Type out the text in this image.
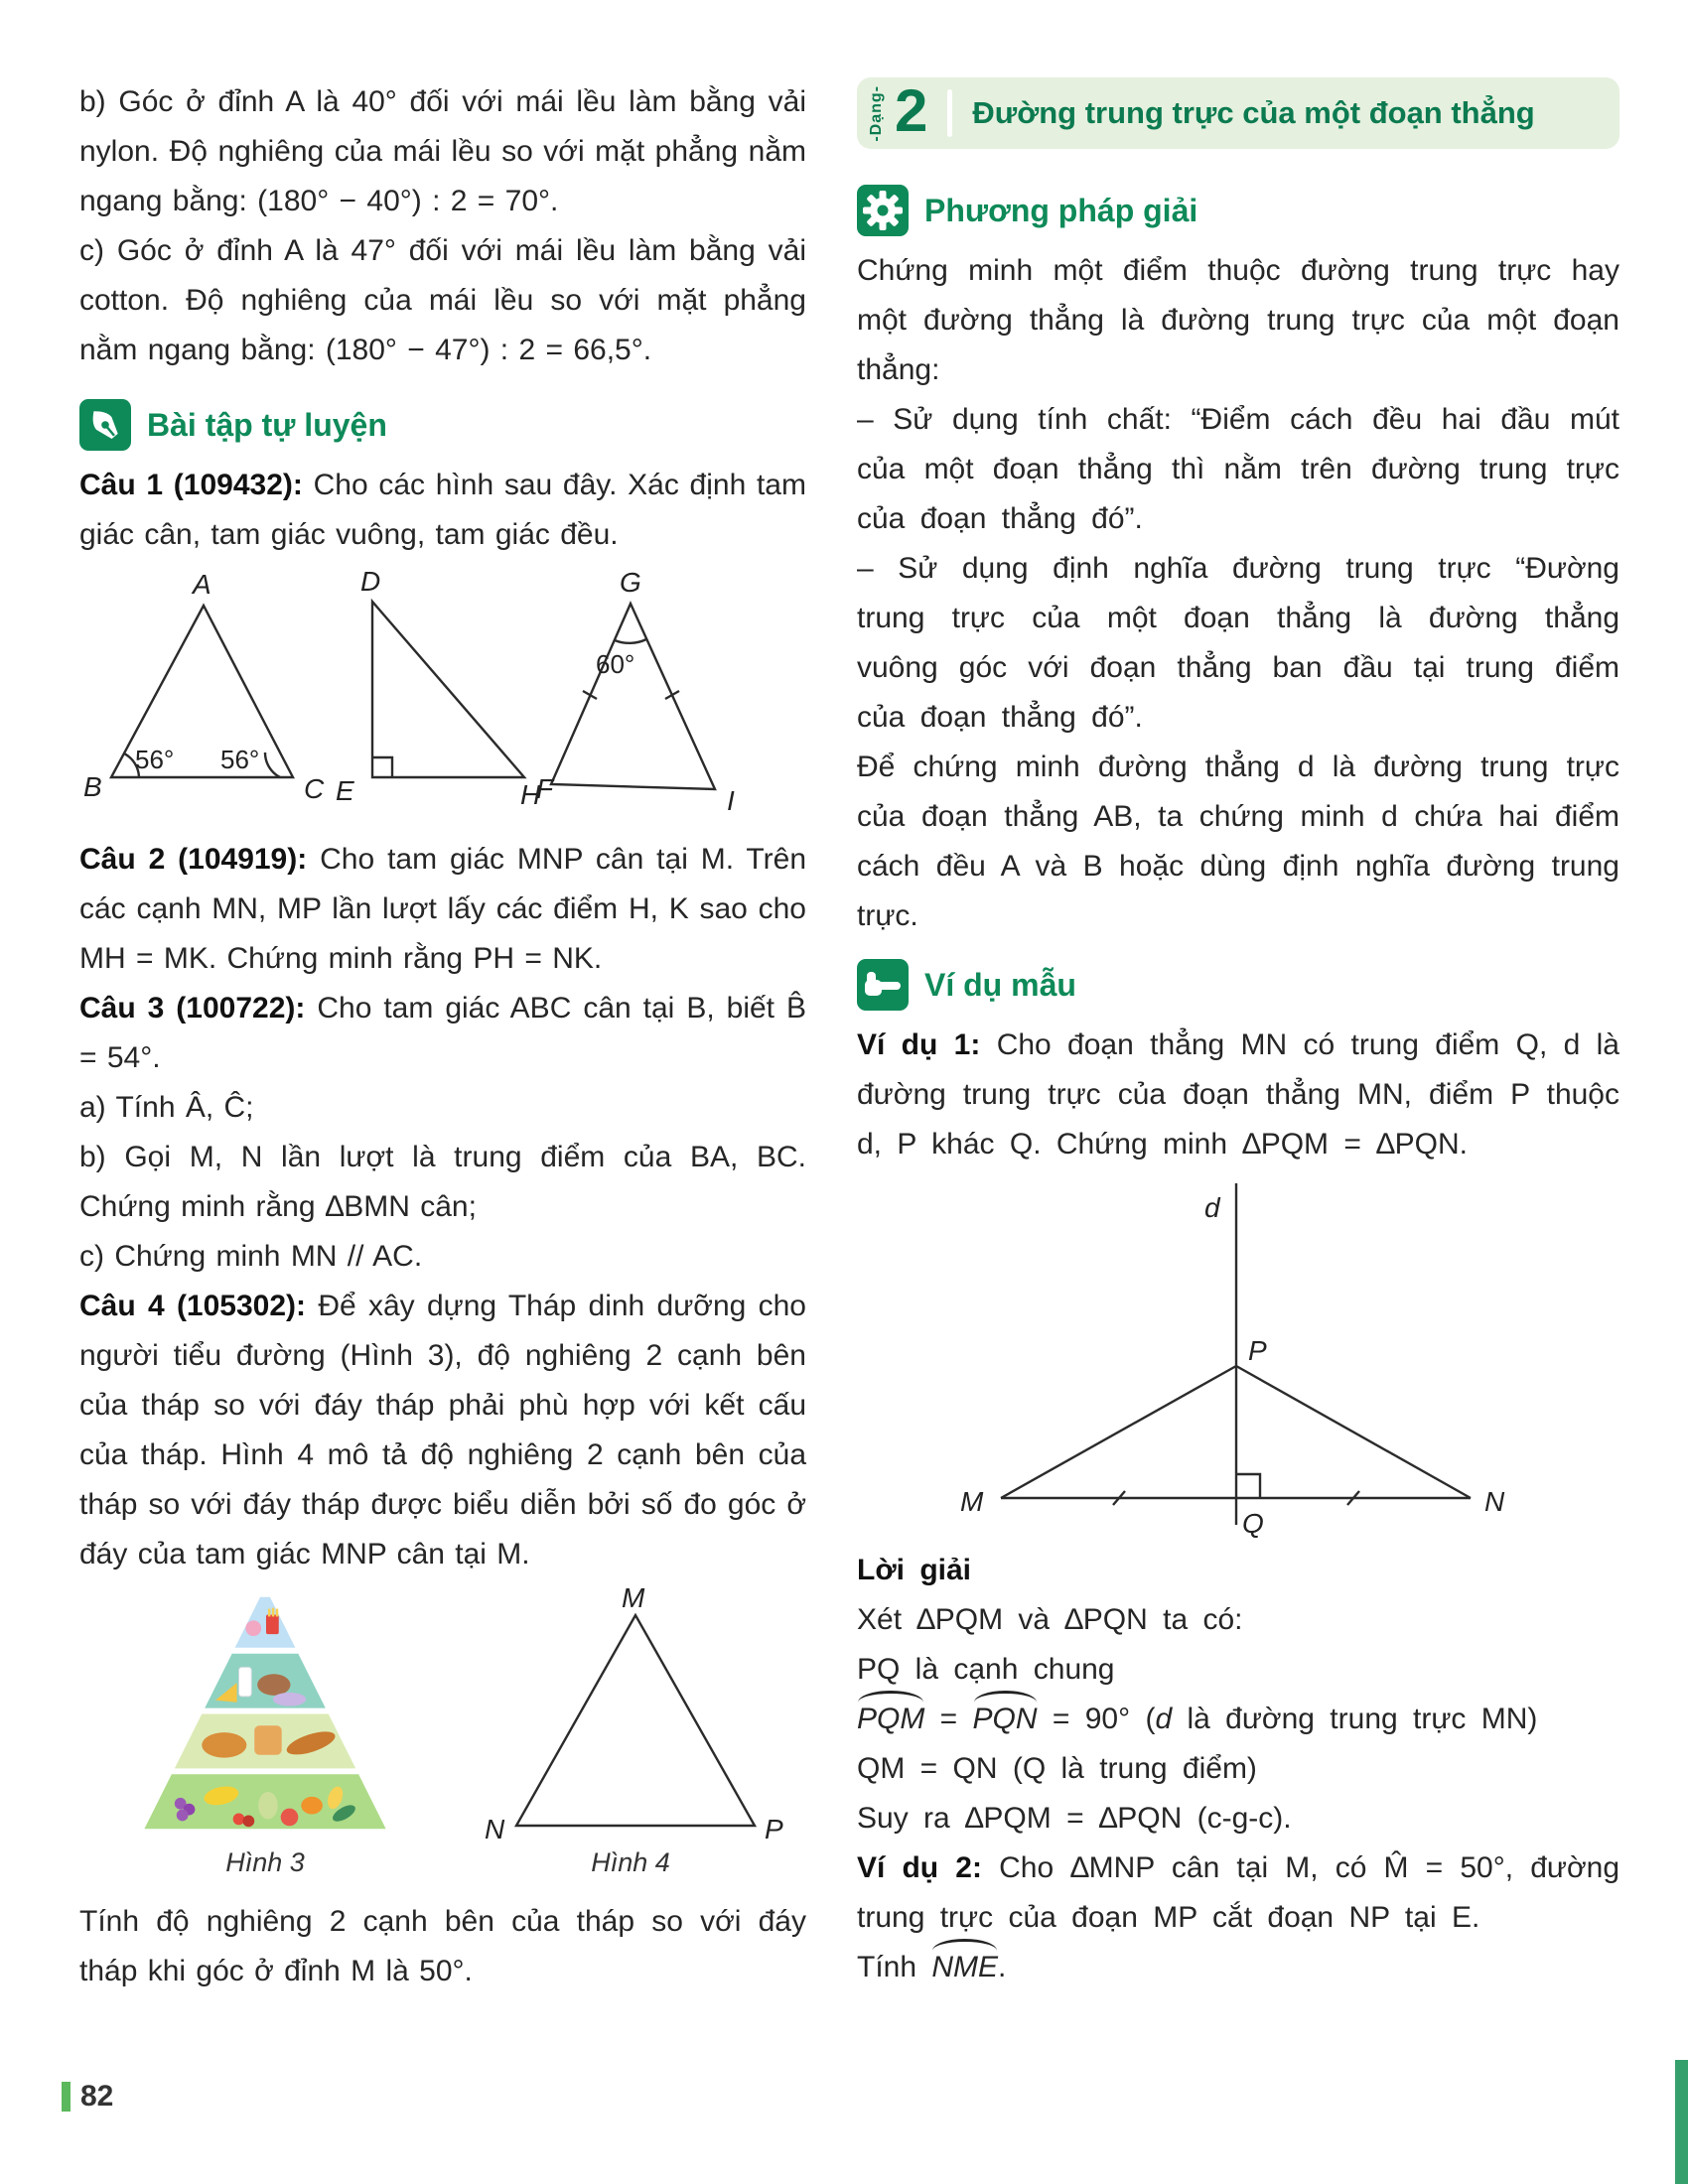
b) Góc ở đỉnh A là 40° đối với mái lều làm bằng vải nylon. Độ nghiêng của mái lều so với mặt phẳng nằm ngang bằng: (180° − 40°) : 2 = 70°.

c) Góc ở đỉnh A là 47° đối với mái lều làm bằng vải cotton. Độ nghiêng của mái lều so với mặt phẳng nằm ngang bằng: (180° − 47°) : 2 = 66,5°.

Bài tập tự luyện

Câu 1 (109432): Cho các hình sau đây. Xác định tam giác cân, tam giác vuông, tam giác đều.

A
B	C
56° 56°
D
E	F
G
60°
H	I

Câu 2 (104919): Cho tam giác MNP cân tại M. Trên các cạnh MN, MP lần lượt lấy các điểm H, K sao cho MH = MK. Chứng minh rằng PH = NK.

Câu 3 (100722): Cho tam giác ABC cân tại B, biết B̂ = 54°.

a) Tính Â, Ĉ;

b) Gọi M, N lần lượt là trung điểm của BA, BC. Chứng minh rằng ∆BMN cân;

c) Chứng minh MN // AC.

Câu 4 (105302): Để xây dựng Tháp dinh dưỡng cho người tiểu đường (Hình 3), độ nghiêng 2 cạnh bên của tháp so với đáy tháp phải phù hợp với kết cấu của tháp. Hình 4 mô tả độ nghiêng 2 cạnh bên của tháp so với đáy tháp được biểu diễn bởi số đo góc ở đáy của tam giác MNP cân tại M.

Hình 3
M
N	P
Hình 4

Tính độ nghiêng 2 cạnh bên của tháp so với đáy tháp khi góc ở đỉnh M là 50°.

-Dạng- 2 Đường trung trực của một đoạn thẳng
Phương pháp giải

Chứng minh một điểm thuộc đường trung trực hay một đường thẳng là đường trung trực của một đoạn thẳng:

– Sử dụng tính chất: “Điểm cách đều hai đầu mút của một đoạn thẳng thì nằm trên đường trung trực của đoạn thẳng đó”.

– Sử dụng định nghĩa đường trung trực “Đường trung trực của một đoạn thẳng là đường thẳng vuông góc với đoạn thẳng ban đầu tại trung điểm của đoạn thẳng đó”.

Để chứng minh đường thẳng d là đường trung trực của đoạn thẳng AB, ta chứng minh d chứa hai điểm cách đều A và B hoặc dùng định nghĩa đường trung trực.

Ví dụ mẫu

Ví dụ 1: Cho đoạn thẳng MN có trung điểm Q, d là đường trung trực của đoạn thẳng MN, điểm P thuộc d, P khác Q. Chứng minh ∆PQM = ∆PQN.

d
P
M	N
Q

Lời giải

Xét ∆PQM và ∆PQN ta có:

PQ là cạnh chung

PQM = PQN = 90° (d là đường trung trực MN)

QM = QN (Q là trung điểm)

Suy ra ∆PQM = ∆PQN (c-g-c).

Ví dụ 2: Cho ∆MNP cân tại M, có M̂ = 50°, đường trung trực của đoạn MP cắt đoạn NP tại E.

Tính NME.

82
